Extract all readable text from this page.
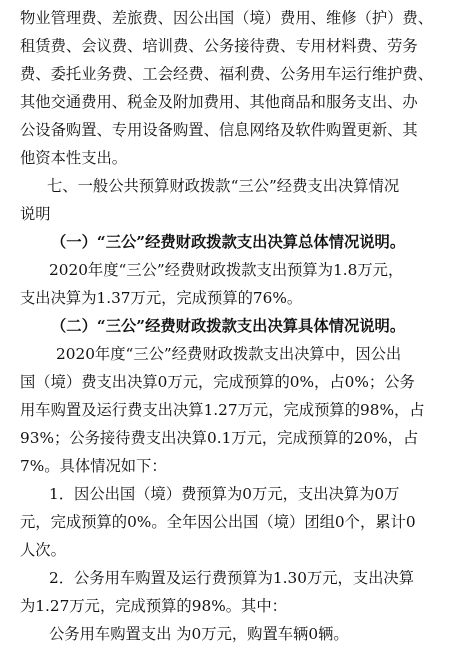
物业管理费、差旅费、因公出国（境）费用、维修（护）费、
租赁费、会议费、培训费、公务接待费、专用材料费、劳务
费、委托业务费、工会经费、福利费、公务用车运行维护费、
其他交通费用、税金及附加费用、其他商品和服务支出、办
公设备购置、专用设备购置、信息网络及软件购置更新、其
他资本性支出。
七、一般公共预算财政拨款“三公”经费支出决算情况
说明
（一）“三公”经费财政拨款支出决算总体情况说明。
2020年度“三公”经费财政拨款支出预算为1.8万元，
支出决算为1.37万元，完成预算的76%。
（二）“三公”经费财政拨款支出决算具体情况说明。
2020年度“三公”经费财政拨款支出决算中，因公出
国（境）费支出决算0万元，完成预算的0%，占0%；公务
用车购置及运行费支出决算1.27万元，完成预算的98%，占
93%；公务接待费支出决算0.1万元，完成预算的20%，占
7%。具体情况如下：
1．因公出国（境）费预算为0万元，支出决算为0万
元，完成预算的0%。全年因公出国（境）团组0个，累计0
人次。
2．公务用车购置及运行费预算为1.30万元，支出决算
为1.27万元，完成预算的98%。其中：
公务用车购置支出 为0万元，购置车辆0辆。
